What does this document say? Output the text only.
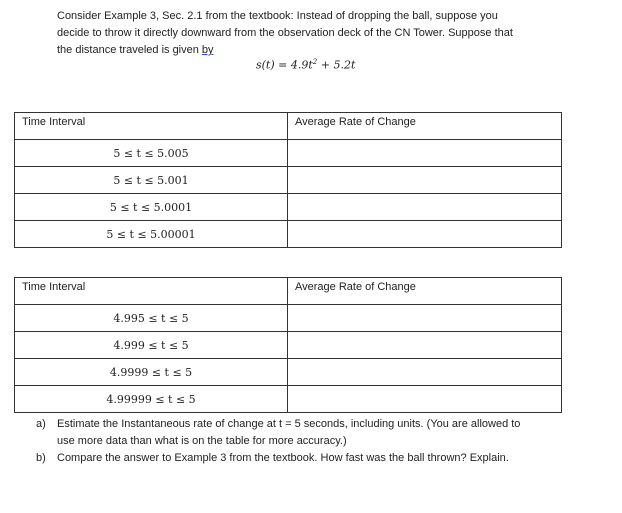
Consider Example 3, Sec. 2.1 from the textbook: Instead of dropping the ball, suppose you
decide to throw it directly downward from the observation deck of the CN Tower. Suppose that
the distance traveled is given by
$s(t) = 4.9t^2 + 5.2t$
Time Interval	Average Rate of Change
5 ≤ t ≤ 5.005	
5 ≤ t ≤ 5.001	
5 ≤ t ≤ 5.0001	
5 ≤ t ≤ 5.00001	
Time Interval	Average Rate of Change
4.995 ≤ t ≤ 5	
4.999 ≤ t ≤ 5	
4.9999 ≤ t ≤ 5	
4.99999 ≤ t ≤ 5	
a)	Estimate the Instantaneous rate of change at t = 5 seconds, including units. (You are allowed to
use more data than what is on the table for more accuracy.)
b)	Compare the answer to Example 3 from the textbook. How fast was the ball thrown? Explain.
